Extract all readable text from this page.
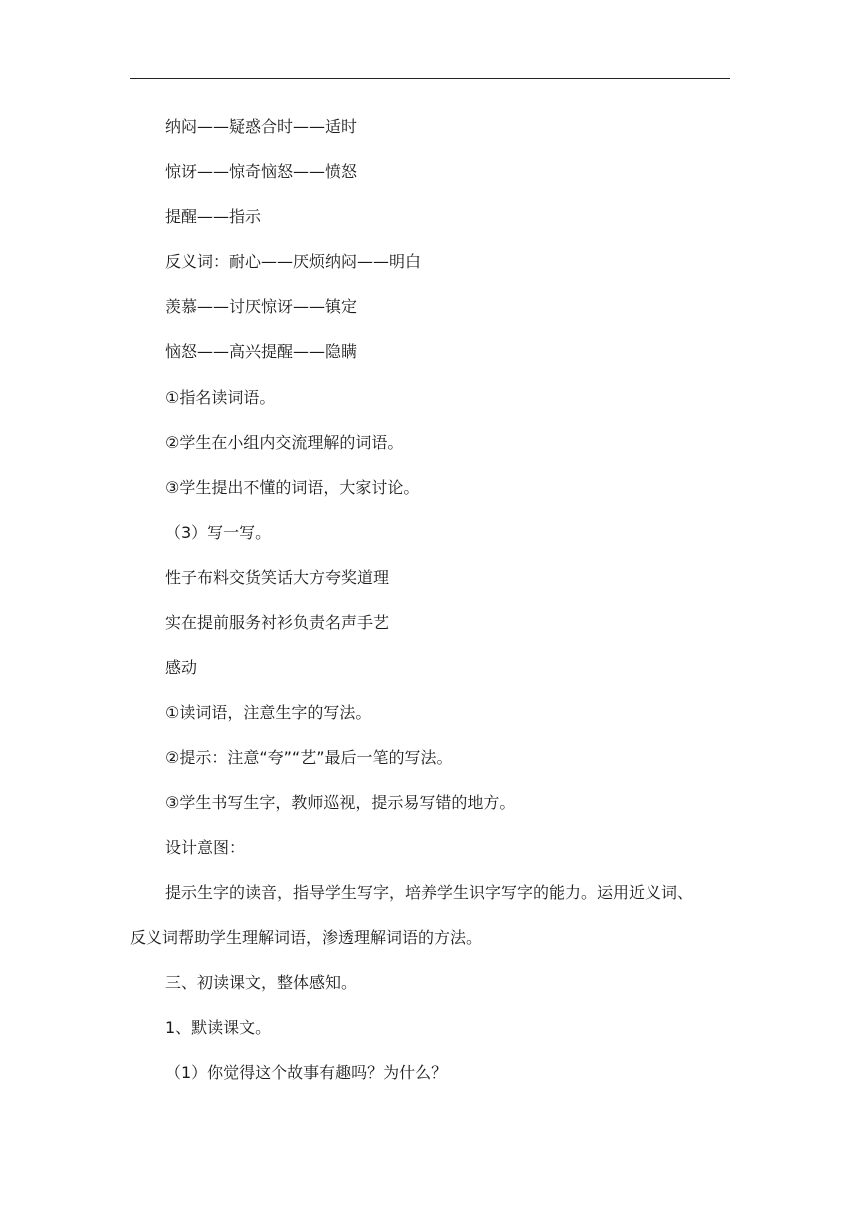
纳闷——疑惑合时——适时
惊讶——惊奇恼怒——愤怒
提醒——指示
反义词：耐心——厌烦纳闷——明白
羡慕——讨厌惊讶——镇定
恼怒——高兴提醒——隐瞒
①指名读词语。
②学生在小组内交流理解的词语。
③学生提出不懂的词语，大家讨论。
（3）写一写。
性子布料交货笑话大方夸奖道理
实在提前服务衬衫负责名声手艺
感动
①读词语，注意生字的写法。
②提示：注意“夸”“艺”最后一笔的写法。
③学生书写生字，教师巡视，提示易写错的地方。
设计意图：
提示生字的读音，指导学生写字，培养学生识字写字的能力。运用近义词、
反义词帮助学生理解词语，渗透理解词语的方法。
三、初读课文，整体感知。
1、默读课文。
（1）你觉得这个故事有趣吗？为什么？
